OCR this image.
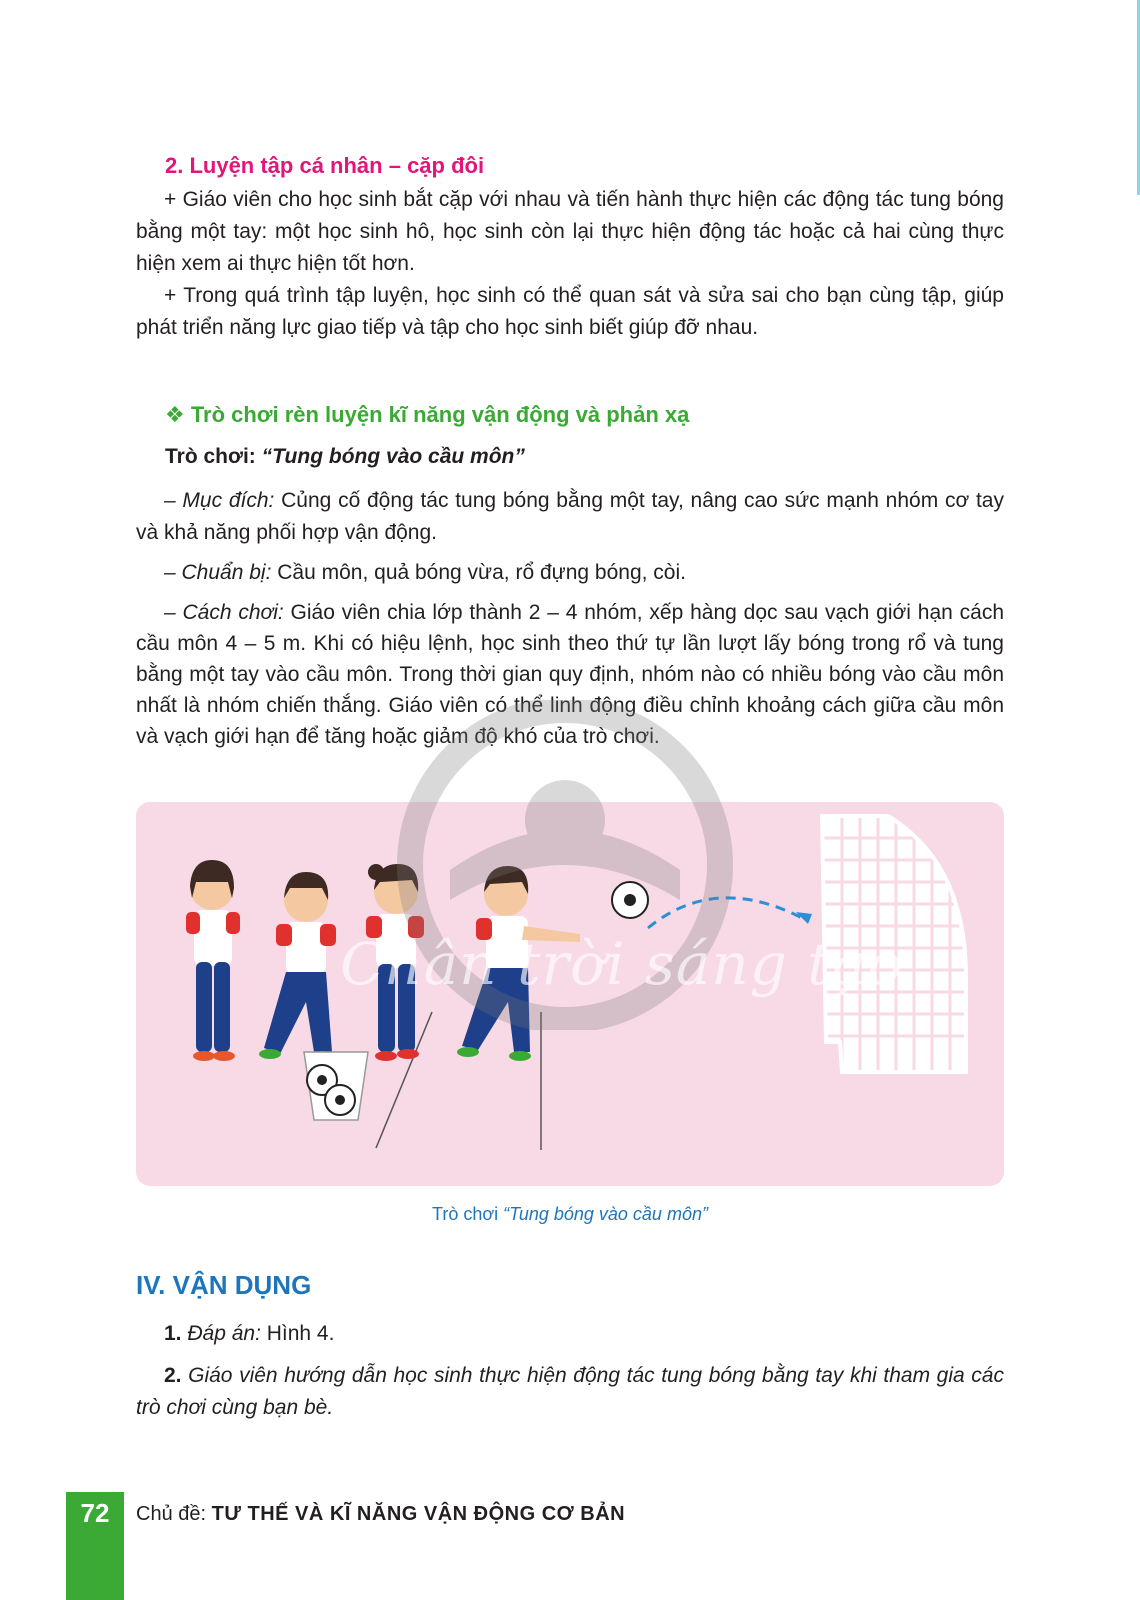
2. Luyện tập cá nhân – cặp đôi

+ Giáo viên cho học sinh bắt cặp với nhau và tiến hành thực hiện các động tác tung bóng bằng một tay: một học sinh hô, học sinh còn lại thực hiện động tác hoặc cả hai cùng thực hiện xem ai thực hiện tốt hơn.

+ Trong quá trình tập luyện, học sinh có thể quan sát và sửa sai cho bạn cùng tập, giúp phát triển năng lực giao tiếp và tập cho học sinh biết giúp đỡ nhau.

❖ Trò chơi rèn luyện kĩ năng vận động và phản xạ
Trò chơi: “Tung bóng vào cầu môn”

– Mục đích: Củng cố động tác tung bóng bằng một tay, nâng cao sức mạnh nhóm cơ tay và khả năng phối hợp vận động.

– Chuẩn bị: Cầu môn, quả bóng vừa, rổ đựng bóng, còi.

– Cách chơi: Giáo viên chia lớp thành 2 – 4 nhóm, xếp hàng dọc sau vạch giới hạn cách cầu môn 4 – 5 m. Khi có hiệu lệnh, học sinh theo thứ tự lần lượt lấy bóng trong rổ và tung bằng một tay vào cầu môn. Trong thời gian quy định, nhóm nào có nhiều bóng vào cầu môn nhất là nhóm chiến thắng. Giáo viên có thể linh động điều chỉnh khoảng cách giữa cầu môn và vạch giới hạn để tăng hoặc giảm độ khó của trò chơi.

Chân trời sáng tạo
Trò chơi “Tung bóng vào cầu môn”
IV. VẬN DỤNG

1. Đáp án: Hình 4.

2. Giáo viên hướng dẫn học sinh thực hiện động tác tung bóng bằng tay khi tham gia các trò chơi cùng bạn bè.

72	Chủ đề: TƯ THẾ VÀ KĨ NĂNG VẬN ĐỘNG CƠ BẢN
